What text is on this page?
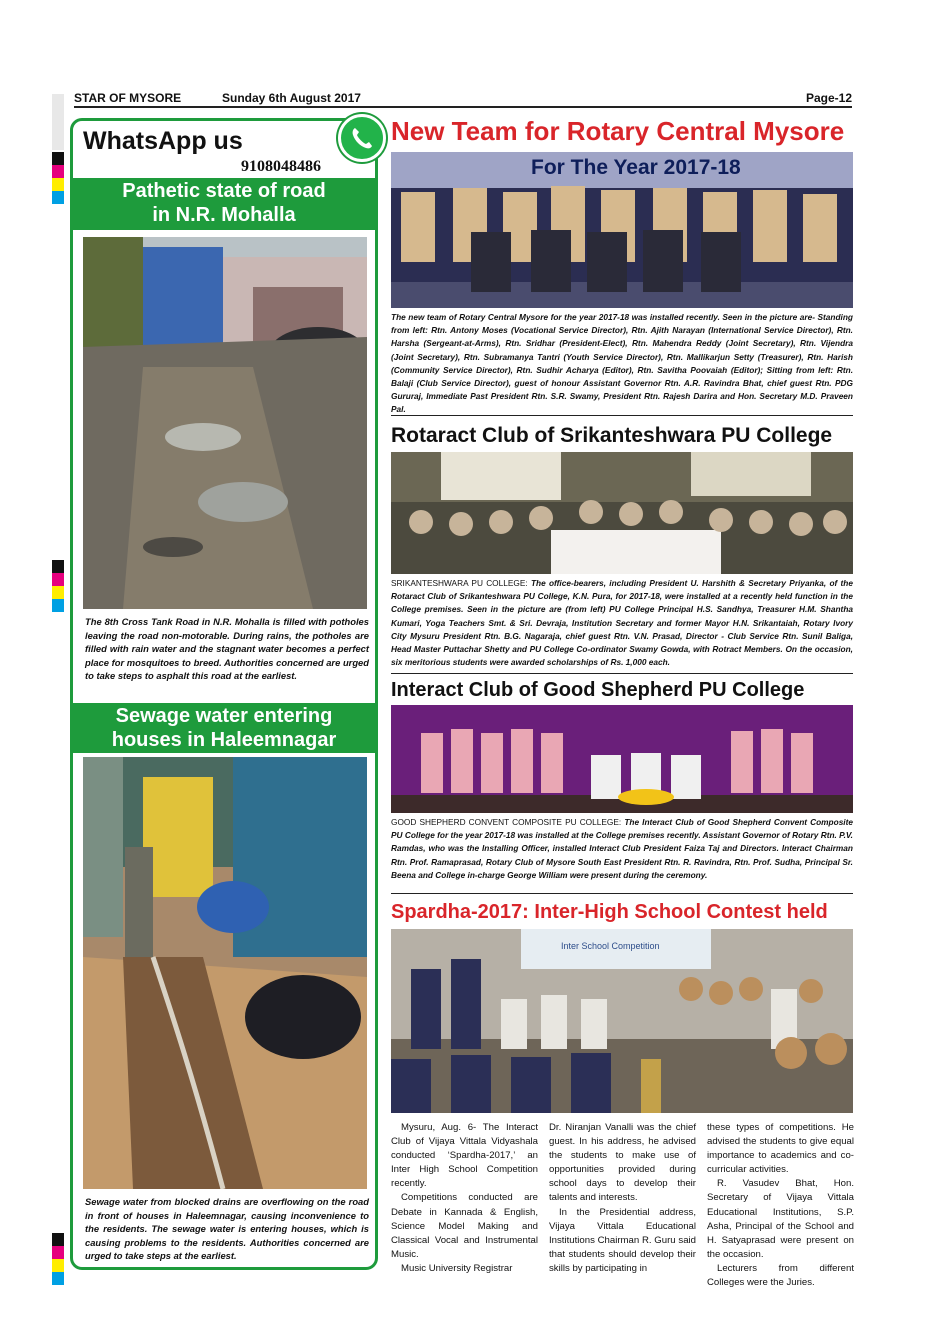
STAR OF MYSORE	Sunday 6th August 2017	Page-12
WhatsApp us
9108048486
Pathetic state of road
in N.R. Mohalla
The 8th Cross Tank Road in N.R. Mohalla is filled with potholes leaving the road non-motorable. During rains, the potholes are filled with rain water and the stagnant water becomes a perfect place for mosquitoes to breed. Authorities concerned are urged to take steps to asphalt this road at the earliest.
Sewage water entering
houses in Haleemnagar
Sewage water from blocked drains are overflowing on the road in front of houses in Haleemnagar, causing inconvenience to the residents. The sewage water is entering houses, which is causing problems to the residents. Authorities concerned are urged to take steps at the earliest.
New Team for Rotary Central Mysore
For The Year 2017-18
The new team of Rotary Central Mysore for the year 2017-18 was installed recently. Seen in the picture are- Standing from left: Rtn. Antony Moses (Vocational Service Director), Rtn. Ajith Narayan (International Service Director), Rtn. Harsha (Sergeant-at-Arms), Rtn. Sridhar (President-Elect), Rtn. Mahendra Reddy (Joint Secretary), Rtn. Vijendra (Joint Secretary), Rtn. Subramanya Tantri (Youth Service Director), Rtn. Mallikarjun Setty (Treasurer), Rtn. Harish (Community Service Director), Rtn. Sudhir Acharya (Editor), Rtn. Savitha Poovaiah (Editor); Sitting from left: Rtn. Balaji (Club Service Director), guest of honour Assistant Governor Rtn. A.R. Ravindra Bhat, chief guest Rtn. PDG Gururaj, Immediate Past President Rtn. S.R. Swamy, President Rtn. Rajesh Darira and Hon. Secretary M.D. Praveen Pal.
Rotaract Club of Srikanteshwara PU College
SRIKANTESHWARA PU COLLEGE: The office-bearers, including President U. Harshith & Secretary Priyanka, of the Rotaract Club of Srikanteshwara PU College, K.N. Pura, for 2017-18, were installed at a recently held function in the College premises. Seen in the picture are (from left) PU College Principal H.S. Sandhya, Treasurer H.M. Shantha Kumari, Yoga Teachers Smt. & Sri. Devraja, Institution Secretary and former Mayor H.N. Srikantaiah, Rotary Ivory City Mysuru President Rtn. B.G. Nagaraja, chief guest Rtn. V.N. Prasad, Director - Club Service Rtn. Sunil Baliga, Head Master Puttachar Shetty and PU College Co-ordinator Swamy Gowda, with Rotract Members. On the occasion, six meritorious students were awarded scholarships of Rs. 1,000 each.
Interact Club of Good Shepherd PU College
GOOD SHEPHERD CONVENT COMPOSITE PU COLLEGE: The Interact Club of Good Shepherd Convent Composite PU College for the year 2017-18 was installed at the College premises recently. Assistant Governor of Rotary Rtn. P.V. Ramdas, who was the Installing Officer, installed Interact Club President Faiza Taj and Directors. Interact Chairman Rtn. Prof. Ramaprasad, Rotary Club of Mysore South East President Rtn. R. Ravindra, Rtn. Prof. Sudha, Principal Sr. Beena and College in-charge George William were present during the ceremony.
Spardha-2017: Inter-High School Contest held
Inter School Competition

Mysuru, Aug. 6- The Interact Club of Vijaya Vittala Vidyashala conducted ‘Spardha-2017,’ an Inter High School Competition recently.

Competitions conducted are Debate in Kannada & English, Science Model Making and Classical Vocal and Instrumental Music.

Music University Registrar

Dr. Niranjan Vanalli was the chief guest. In his address, he advised the students to make use of opportunities provided during school days to develop their talents and interests.

In the Presidential address, Vijaya Vittala Educational Institutions Chairman R. Guru said that students should develop their skills by participating in

these types of competitions. He advised the students to give equal importance to academics and co-curricular activities.

R. Vasudev Bhat, Hon. Secretary of Vijaya Vittala Educational Institutions, S.P. Asha, Principal of the School and H. Satyaprasad were present on the occasion.

Lecturers from different Colleges were the Juries.
